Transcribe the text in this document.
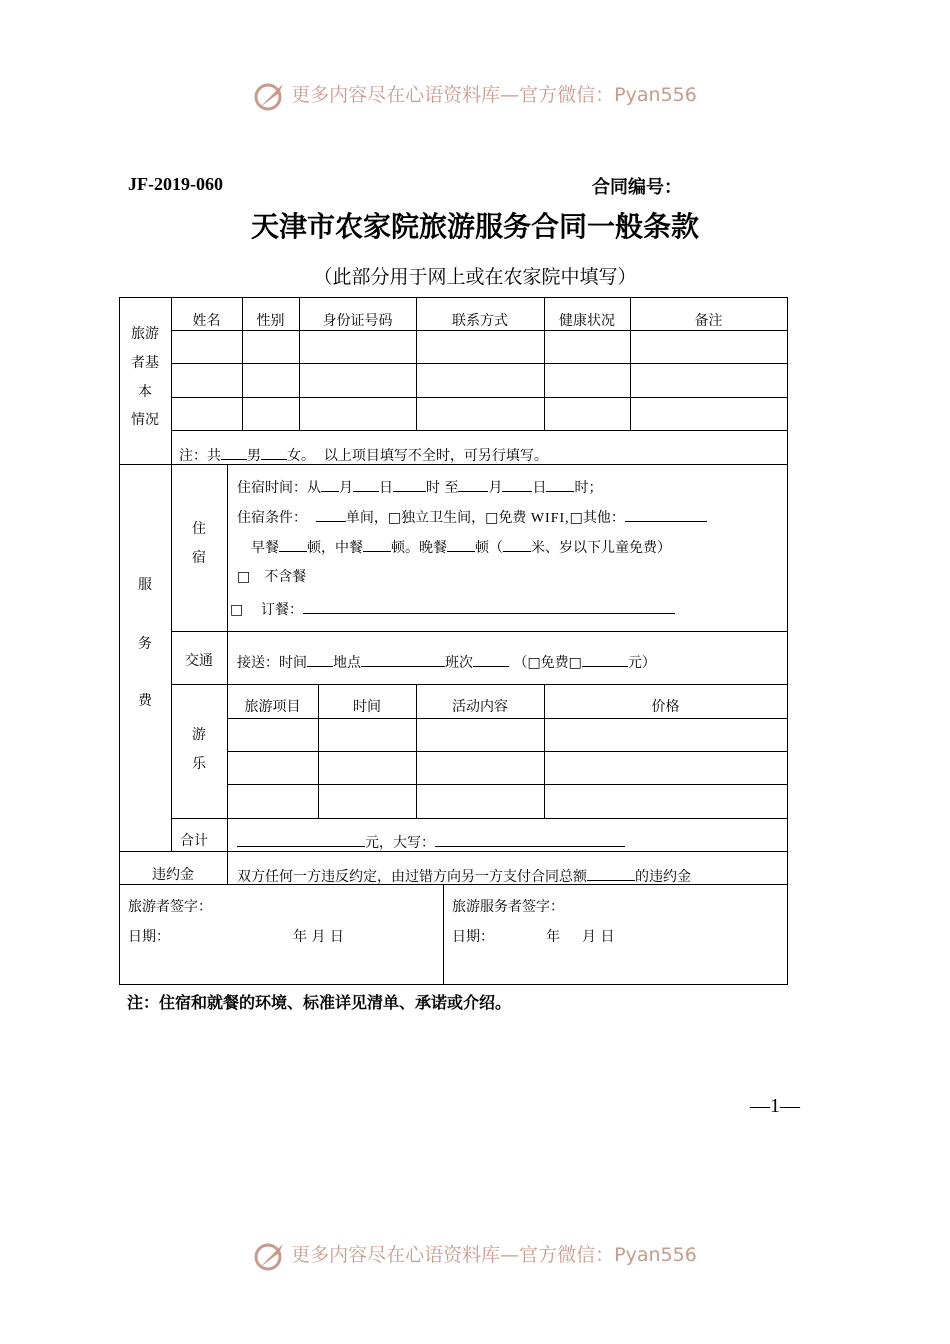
更多内容尽在心语资料库—官方微信：Pyan556
JF-2019-060	合同编号：
天津市农家院旅游服务合同一般条款
（此部分用于网上或在农家院中填写）
旅游
者基
本
情况
姓名	性别	身份证号码	联系方式	健康状况	备注
注：共 男 女。 以上项目填写不全时，可另行填写。
服
务
费
住
宿
住宿时间：从 月 日 时 至 月 日 时；
住宿条件：	单间，□独立卫生间，□免费 WIFI,□其他：
早餐 顿，中餐 顿。晚餐 顿（ 米、岁以下儿童免费）
□　不含餐
□ 订餐：
交通	接送：时间 地点	班次	（□免费□	元）
游
乐
旅游项目	时间	活动内容	价格
合计	元，大写：
违约金	双方任何一方违反约定，由过错方向另一方支付合同总额	的违约金
旅游者签字：
日期：	年 月 日
旅游服务者签字：
日期：	年 月 日
注：住宿和就餐的环境、标准详见清单、承诺或介绍。
—1—
更多内容尽在心语资料库—官方微信：Pyan556
